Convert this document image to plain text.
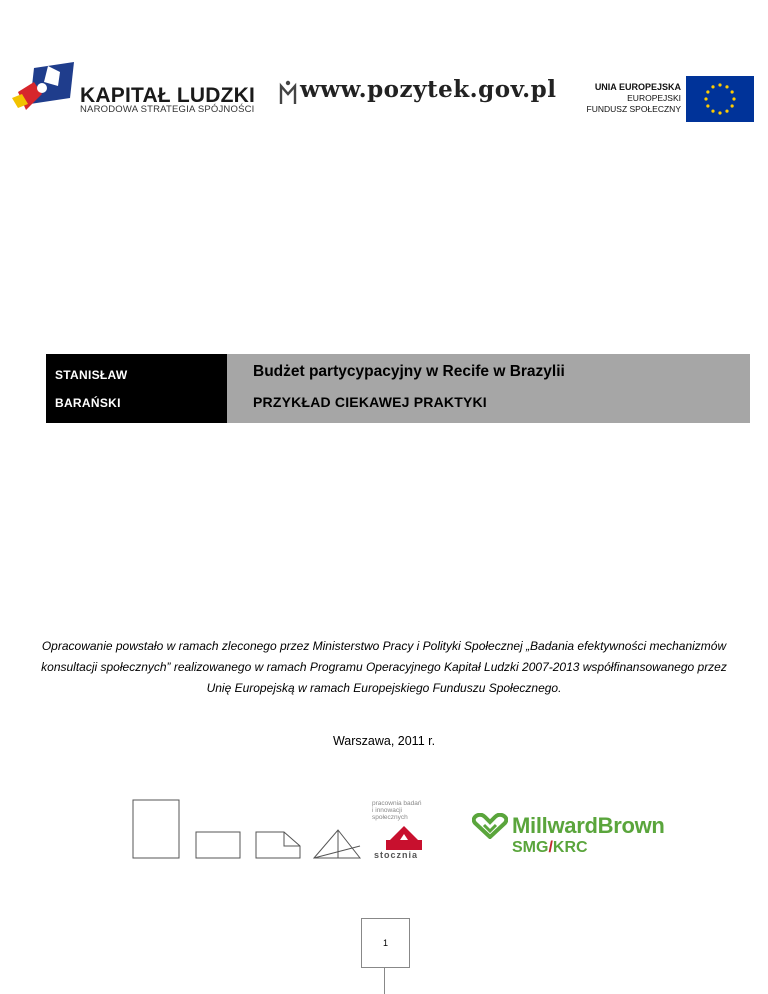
KAPITAŁ LUDZKI
NARODOWA STRATEGIA SPÓJNOŚCI
www.pozytek.gov.pl	UNIA EUROPEJSKA
EUROPEJSKI
FUNDUSZ SPOŁECZNY
STANISŁAW
BARAŃSKI
Budżet partycypacyjny w Recife w Brazylii
PRZYKŁAD CIEKAWEJ PRAKTYKI
Opracowanie powstało w ramach zleconego przez Ministerstwo Pracy i Polityki Społecznej „Badania efektywności mechanizmów konsultacji społecznych” realizowanego w ramach Programu Operacyjnego Kapitał Ludzki 2007-2013 współfinansowanego przez Unię Europejską w ramach Europejskiego Funduszu Społecznego.
Warszawa, 2011 r.
pracownia badań
i innowacji
społecznych
stocznia
MillwardBrown
SMG/KRC
1
